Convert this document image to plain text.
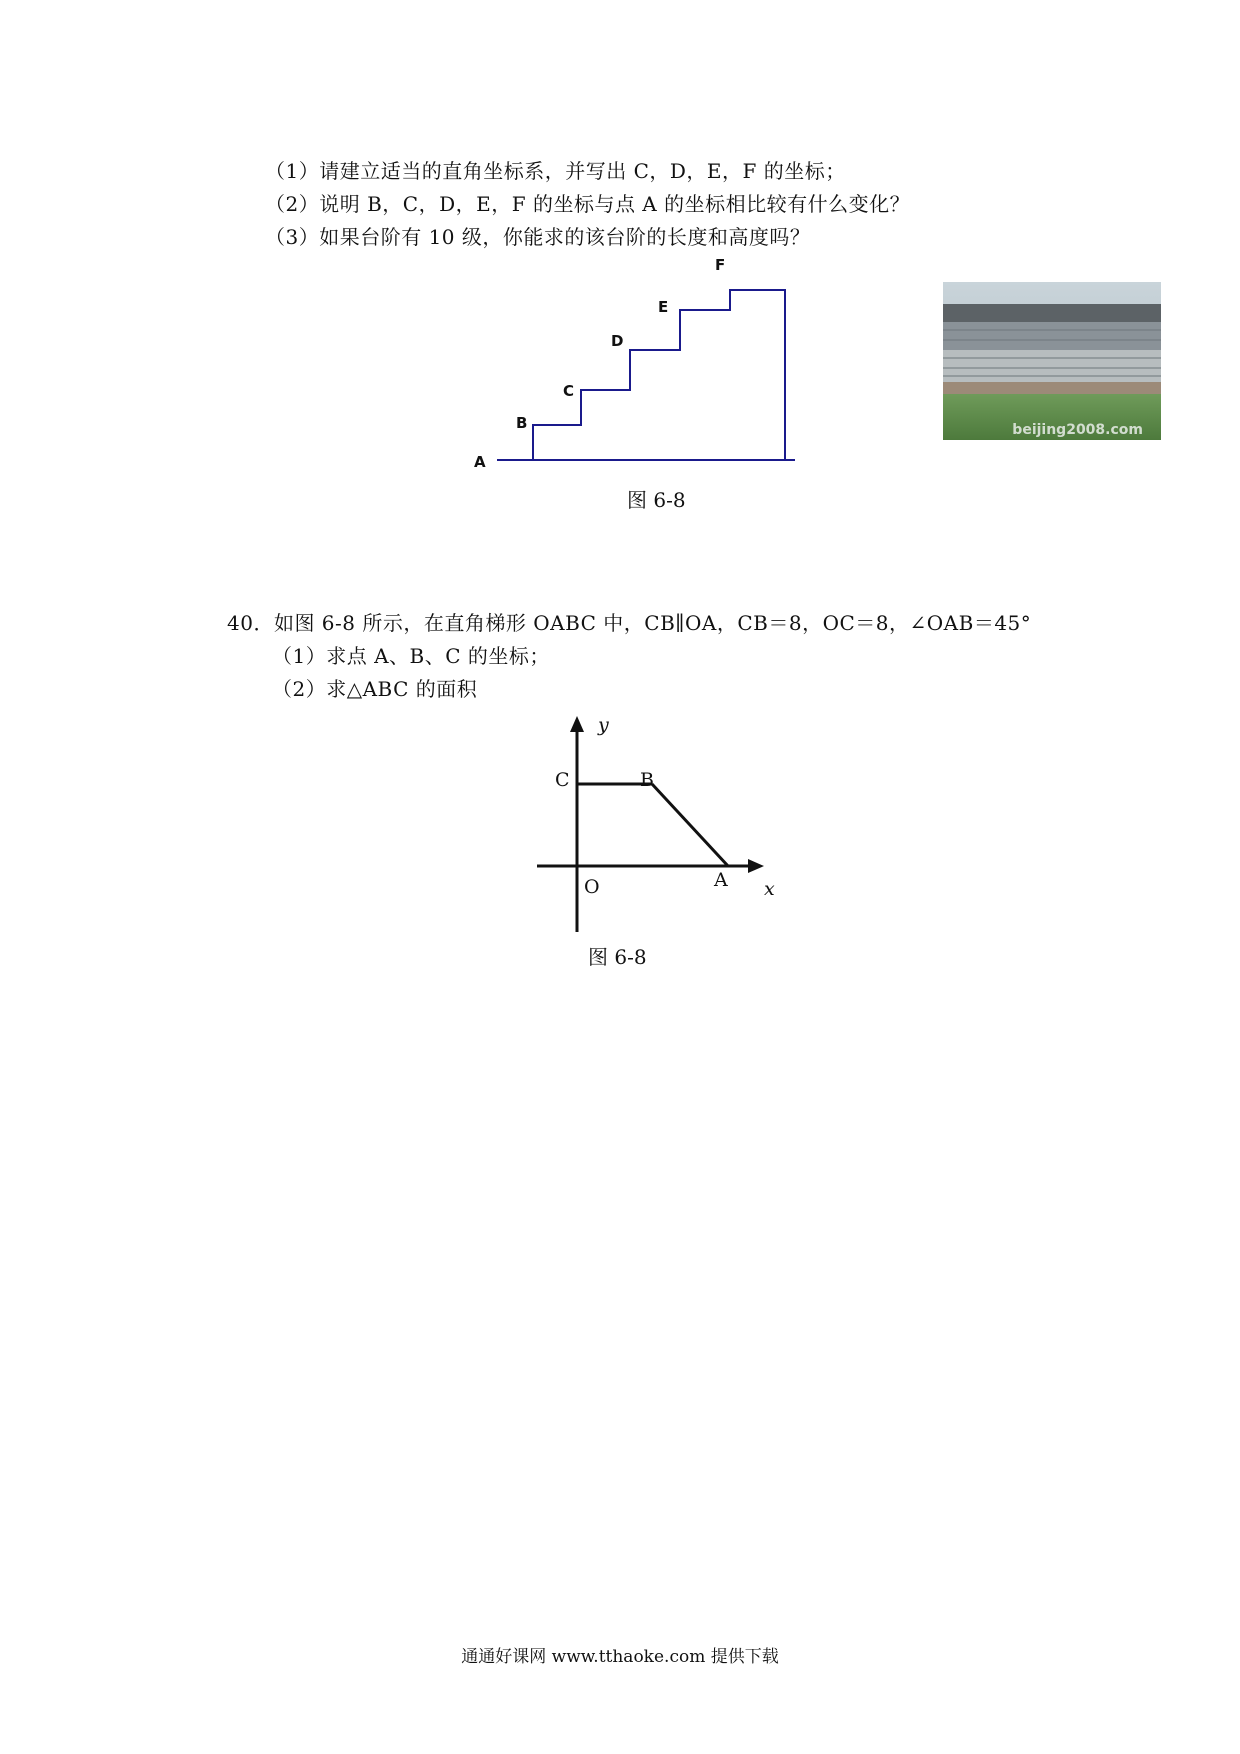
（1）请建立适当的直角坐标系，并写出 C，D，E，F 的坐标；
（2）说明 B，C，D，E，F 的坐标与点 A 的坐标相比较有什么变化？
（3）如果台阶有 10 级，你能求的该台阶的长度和高度吗？
A
B
C
D
E
F
beijing2008.com
图 6-8
40．如图 6-8 所示，在直角梯形 OABC 中，CB∥OA，CB＝8，OC＝8，∠OAB＝45°
（1）求点 A、B、C 的坐标；
（2）求△ABC 的面积
y
x
C	B
O	A
图 6-8
通通好课网 www.tthaoke.com 提供下载
